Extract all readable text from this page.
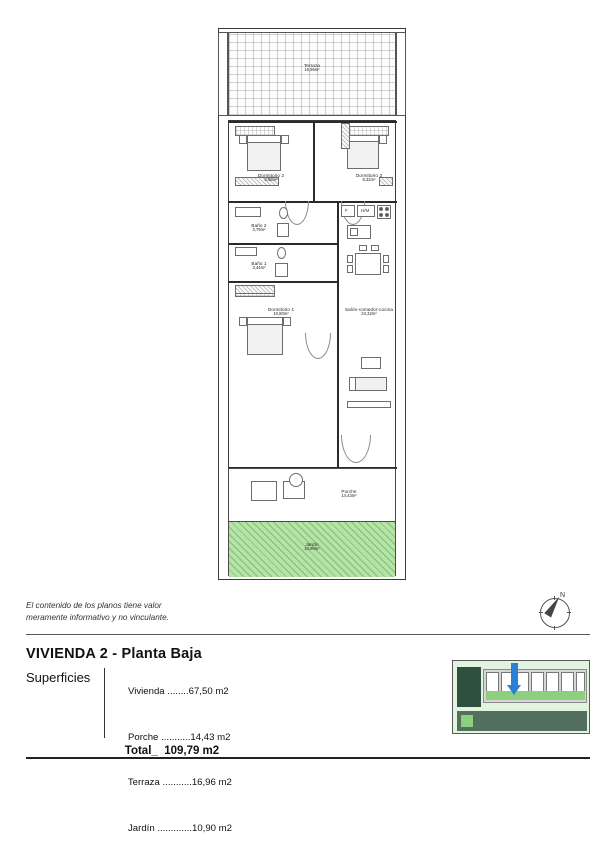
Terraza
16,96m²
Dormitorio 2
9,68m²
Dormitorio 3
8,32m²
Baño 2
3,79m²
Baño 1
3,44m²
Dormitorio 1
10,80m²
F	H/M
Salón-comedor-cocina
24,32m²
Porche
14,43m²
Jardín
10,90m²
El contenido de los planos tiene valor
meramente informativo y no vinculante.
N
VIVIENDA 2 - Planta Baja
Superficies

Vivienda ........67,50 m2

Porche ...........14,43 m2

Terraza ...........16,96 m2

Jardín .............10,90 m2

Total_ 109,79 m2
